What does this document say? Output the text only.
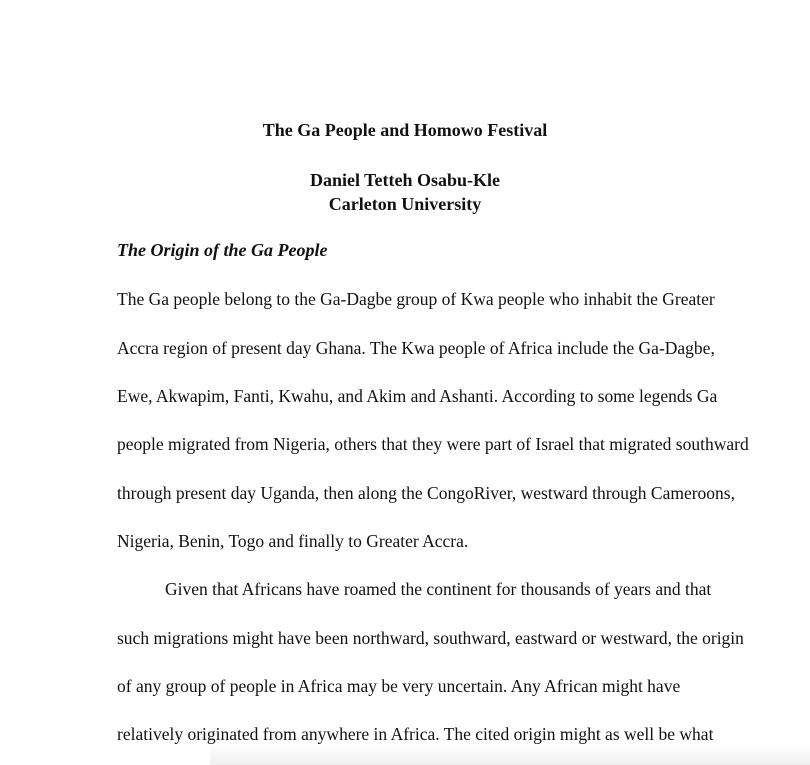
The Ga People and Homowo Festival
Daniel Tetteh Osabu-Kle
Carleton University
The Origin of the Ga People
The Ga people belong to the Ga-Dagbe group of Kwa people who inhabit the Greater
Accra region of present day Ghana. The Kwa people of Africa include the Ga-Dagbe,
Ewe, Akwapim, Fanti, Kwahu, and Akim and Ashanti. According to some legends Ga
people migrated from Nigeria, others that they were part of Israel that migrated southward
through present day Uganda, then along the CongoRiver, westward through Cameroons,
Nigeria, Benin, Togo and finally to Greater Accra.
Given that Africans have roamed the continent for thousands of years and that
such migrations might have been northward, southward, eastward or westward, the origin
of any group of people in Africa may be very uncertain. Any African might have
relatively originated from anywhere in Africa. The cited origin might as well be what
